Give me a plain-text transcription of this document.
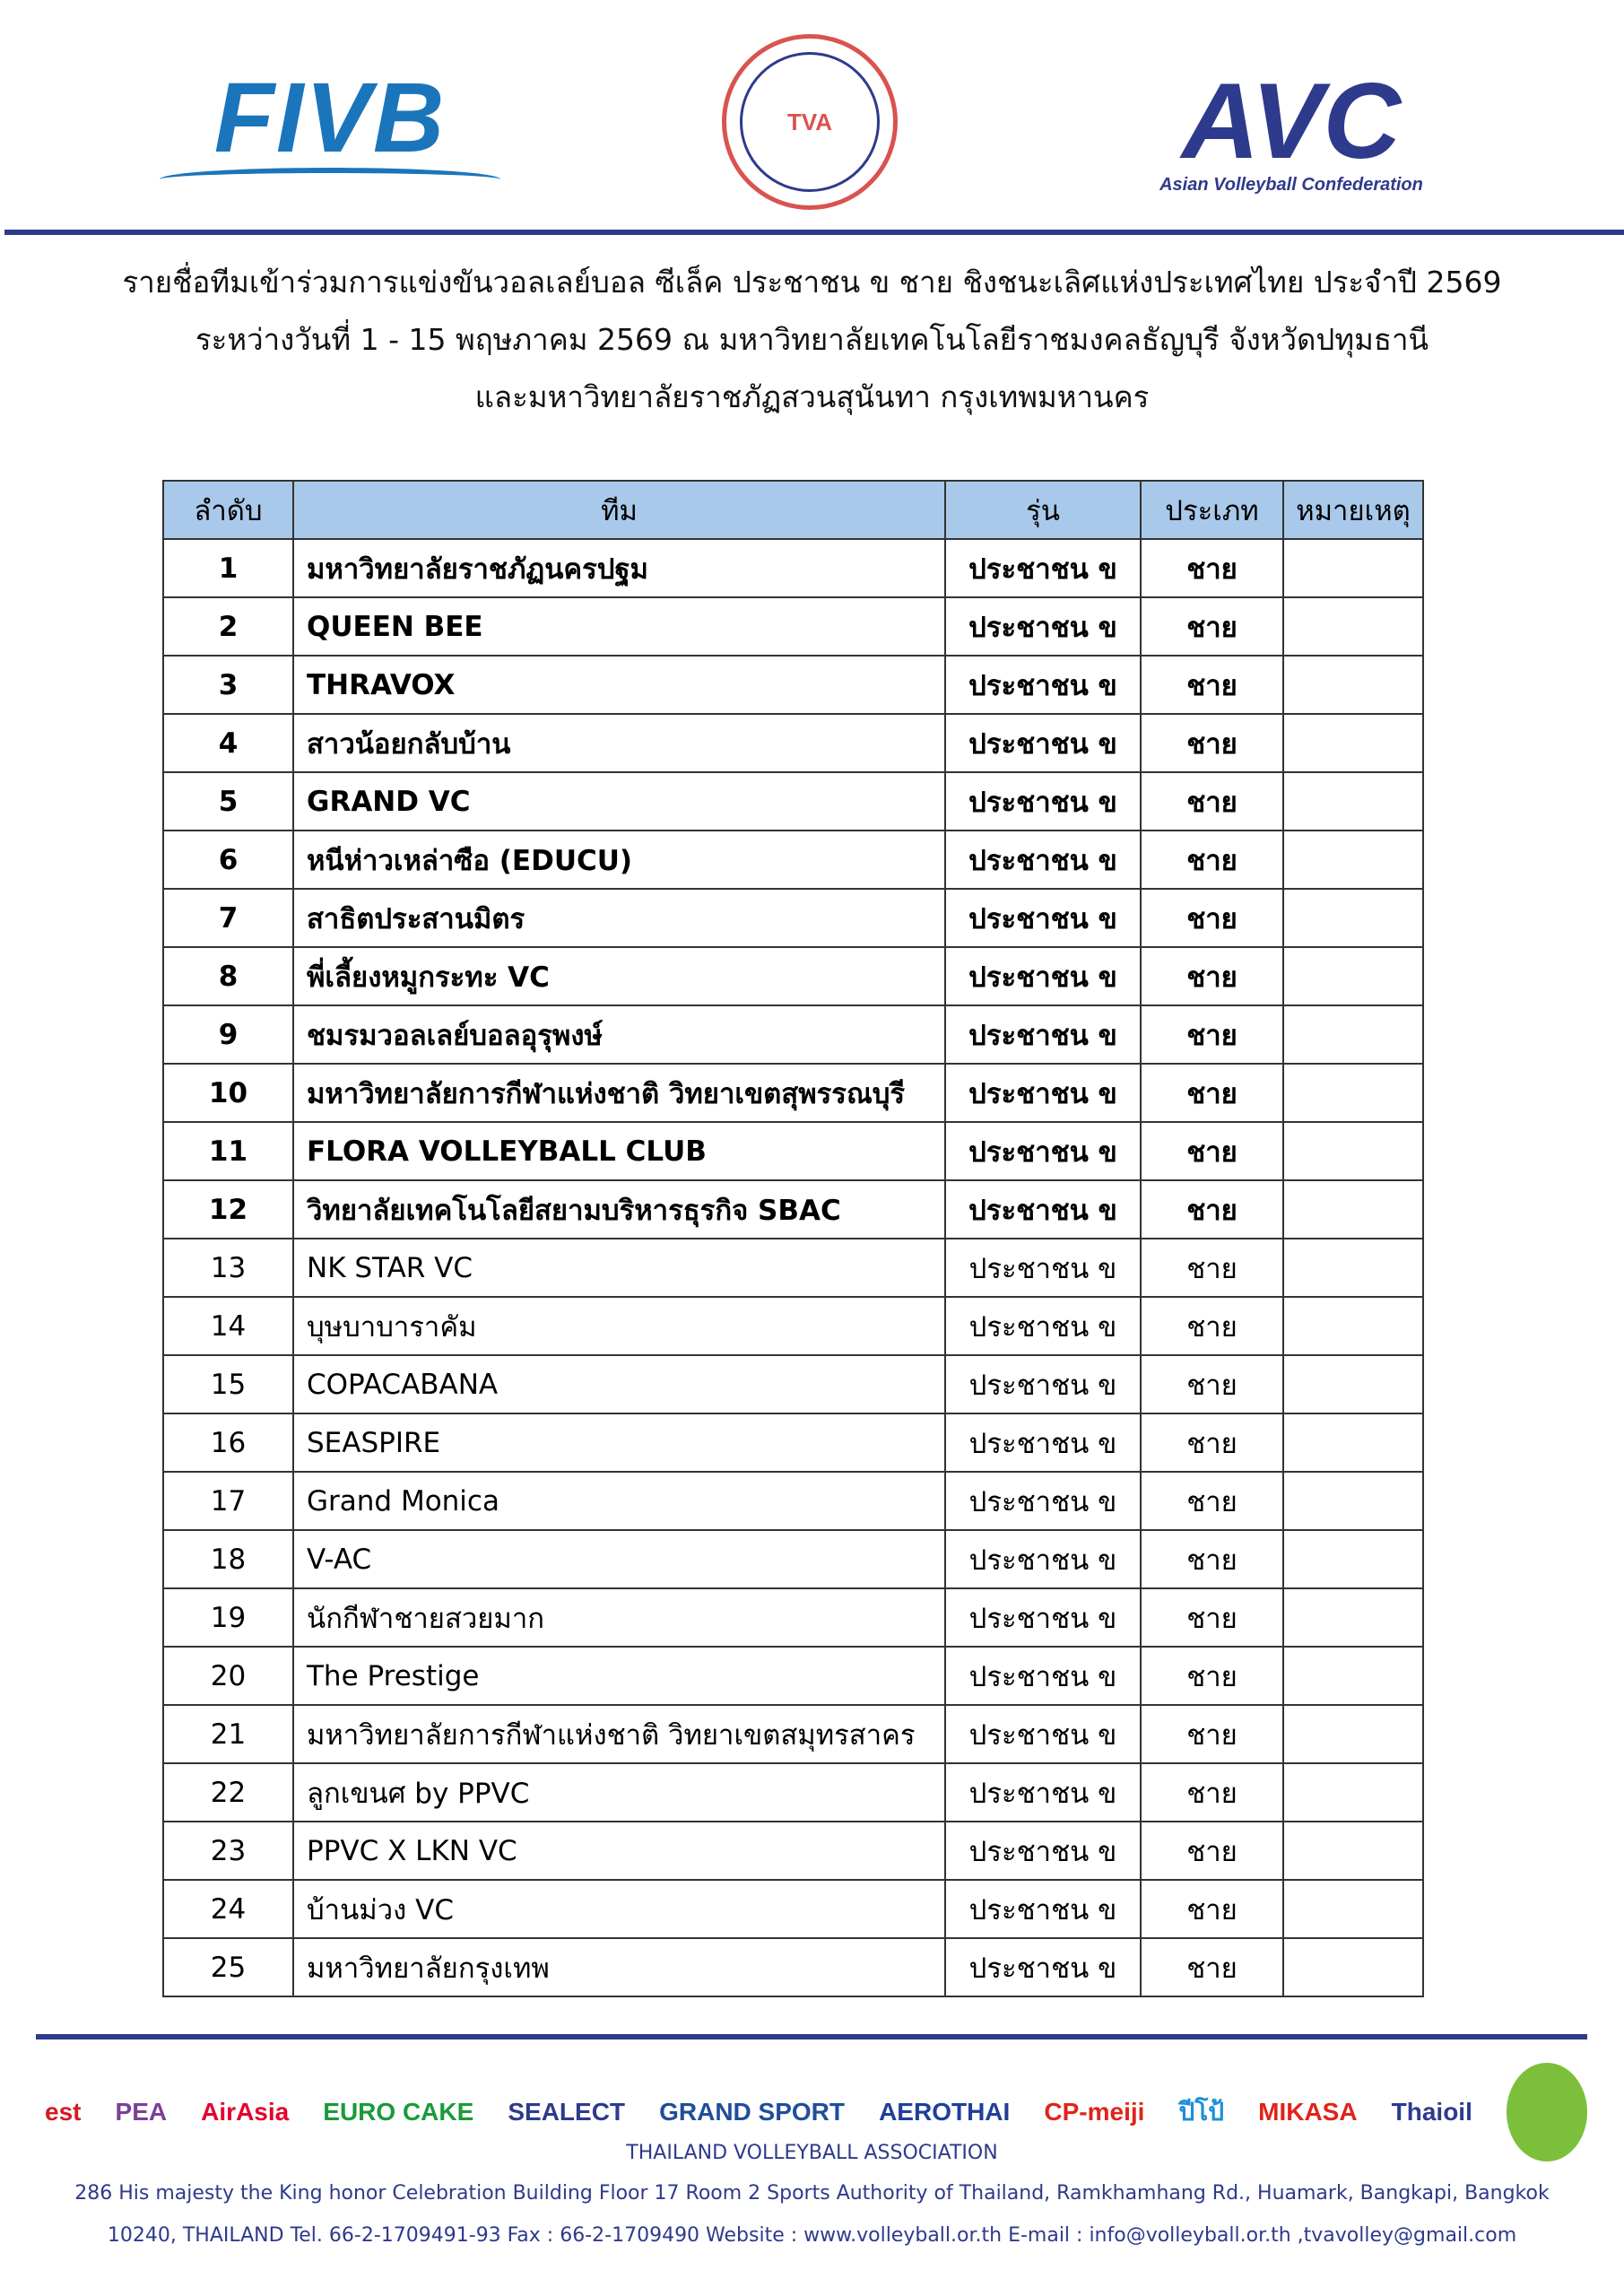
FIVB	TVA	AVC
Asian Volleyball Confederation
รายชื่อทีมเข้าร่วมการแข่งขันวอลเลย์บอล ซีเล็ค ประชาชน ข ชาย ชิงชนะเลิศแห่งประเทศไทย ประจำปี 2569
ระหว่างวันที่ 1 - 15 พฤษภาคม 2569 ณ มหาวิทยาลัยเทคโนโลยีราชมงคลธัญบุรี จังหวัดปทุมธานี
และมหาวิทยาลัยราชภัฏสวนสุนันทา กรุงเทพมหานคร
ลำดับ	ทีม	รุ่น	ประเภท	หมายเหตุ
1	มหาวิทยาลัยราชภัฏนครปฐม	ประชาชน ข	ชาย	
2	QUEEN BEE	ประชาชน ข	ชาย	
3	THRAVOX	ประชาชน ข	ชาย	
4	สาวน้อยกลับบ้าน	ประชาชน ข	ชาย	
5	GRAND VC	ประชาชน ข	ชาย	
6	หนีห่าวเหล่าซือ (EDUCU)	ประชาชน ข	ชาย	
7	สาธิตประสานมิตร	ประชาชน ข	ชาย	
8	พี่เลี้ยงหมูกระทะ VC	ประชาชน ข	ชาย	
9	ชมรมวอลเลย์บอลอุรุพงษ์	ประชาชน ข	ชาย	
10	มหาวิทยาลัยการกีฬาแห่งชาติ วิทยาเขตสุพรรณบุรี	ประชาชน ข	ชาย	
11	FLORA VOLLEYBALL CLUB	ประชาชน ข	ชาย	
12	วิทยาลัยเทคโนโลยีสยามบริหารธุรกิจ SBAC	ประชาชน ข	ชาย	
13	NK STAR VC	ประชาชน ข	ชาย	
14	บุษบาบาราคัม	ประชาชน ข	ชาย	
15	COPACABANA	ประชาชน ข	ชาย	
16	SEASPIRE	ประชาชน ข	ชาย	
17	Grand Monica	ประชาชน ข	ชาย	
18	V-AC	ประชาชน ข	ชาย	
19	นักกีฬาชายสวยมาก	ประชาชน ข	ชาย	
20	The Prestige	ประชาชน ข	ชาย	
21	มหาวิทยาลัยการกีฬาแห่งชาติ วิทยาเขตสมุทรสาคร	ประชาชน ข	ชาย	
22	ลูกเขนศ by PPVC	ประชาชน ข	ชาย	
23	PPVC X LKN VC	ประชาชน ข	ชาย	
24	บ้านม่วง VC	ประชาชน ข	ชาย	
25	มหาวิทยาลัยกรุงเทพ	ประชาชน ข	ชาย	
est PEA AirAsia EURO CAKE SEALECT GRAND SPORT AEROTHAI CP-meiji ปีโป้ MIKASA Thaioil
THAILAND VOLLEYBALL ASSOCIATION
286 His majesty the King honor Celebration Building Floor 17 Room 2 Sports Authority of Thailand, Ramkhamhang Rd., Huamark, Bangkapi, Bangkok
10240, THAILAND Tel. 66-2-1709491-93 Fax : 66-2-1709490 Website : www.volleyball.or.th E-mail : info@volleyball.or.th ,tvavolley@gmail.com
